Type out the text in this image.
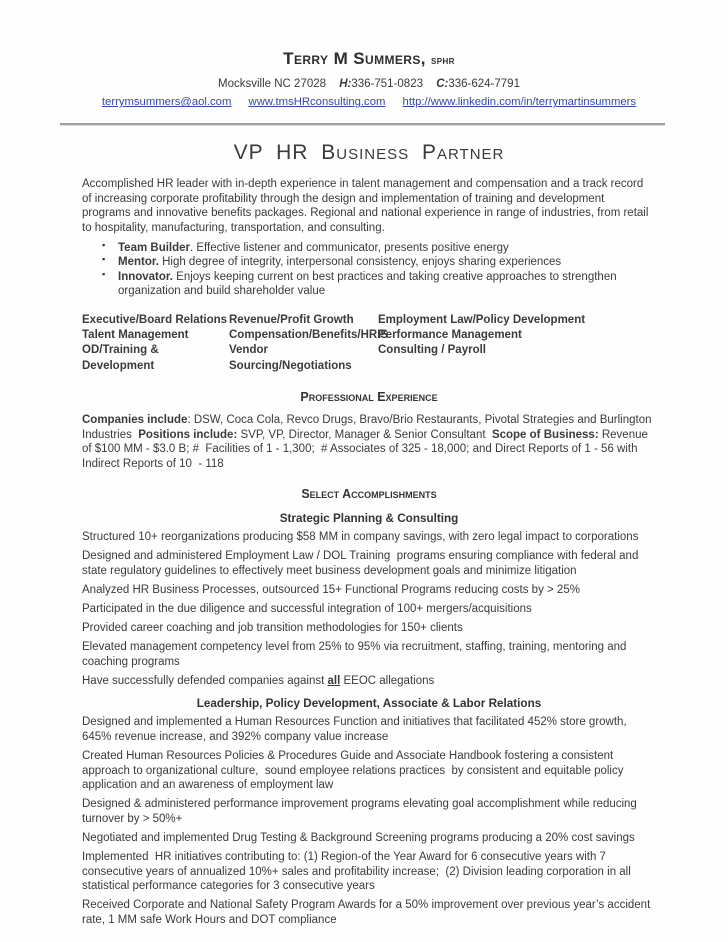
Terry M Summers, sphr
Mocksville NC 27028 H:336-751-0823 C:336-624-7791
terrymsummers@aol.com www.tmsHRconsulting.com http://www.linkedin.com/in/terrymartinsummers
VP HR Business Partner

Accomplished HR leader with in-depth experience in talent management and compensation and a track record of increasing corporate profitability through the design and implementation of training and development programs and innovative benefits packages. Regional and national experience in range of industries, from retail to hospitality, manufacturing, transportation, and consulting.

▪ Team Builder. Effective listener and communicator, presents positive energy
▪ Mentor. High degree of integrity, interpersonal consistency, enjoys sharing experiences
▪ Innovator. Enjoys keeping current on best practices and taking creative approaches to strengthen organization and build shareholder value
Executive/Board Relations
Talent Management
OD/Training & Development
Revenue/Profit Growth
Compensation/Benefits/HRIS
Vendor Sourcing/Negotiations
Employment Law/Policy Development
Performance Management
Consulting / Payroll
Professional Experience

Companies include: DSW, Coca Cola, Revco Drugs, Bravo/Brio Restaurants, Pivotal Strategies and Burlington Industries  Positions include: SVP, VP, Director, Manager & Senior Consultant  Scope of Business: Revenue of $100 MM - $3.0 B; #  Facilities of 1 - 1,300;  # Associates of 325 - 18,000; and Direct Reports of 1 - 56 with Indirect Reports of 10  - 118

Select Accomplishments
Strategic Planning & Consulting

Structured 10+ reorganizations producing $58 MM in company savings, with zero legal impact to corporations

Designed and administered Employment Law / DOL Training  programs ensuring compliance with federal and state regulatory guidelines to effectively meet business development goals and minimize litigation

Analyzed HR Business Processes, outsourced 15+ Functional Programs reducing costs by > 25%

Participated in the due diligence and successful integration of 100+ mergers/acquisitions

Provided career coaching and job transition methodologies for 150+ clients

Elevated management competency level from 25% to 95% via recruitment, staffing, training, mentoring and coaching programs

Have successfully defended companies against all EEOC allegations

Leadership, Policy Development, Associate & Labor Relations

Designed and implemented a Human Resources Function and initiatives that facilitated 452% store growth, 645% revenue increase, and 392% company value increase

Created Human Resources Policies & Procedures Guide and Associate Handbook fostering a consistent approach to organizational culture,  sound employee relations practices  by consistent and equitable policy application and an awareness of employment law

Designed & administered performance improvement programs elevating goal accomplishment while reducing turnover by > 50%+

Negotiated and implemented Drug Testing & Background Screening programs producing a 20% cost savings

Implemented  HR initiatives contributing to: (1) Region-of the Year Award for 6 consecutive years with 7 consecutive years of annualized 10%+ sales and profitability increase;  (2) Division leading corporation in all statistical performance categories for 3 consecutive years

Received Corporate and National Safety Program Awards for a 50% improvement over previous year’s accident rate, 1 MM safe Work Hours and DOT compliance
